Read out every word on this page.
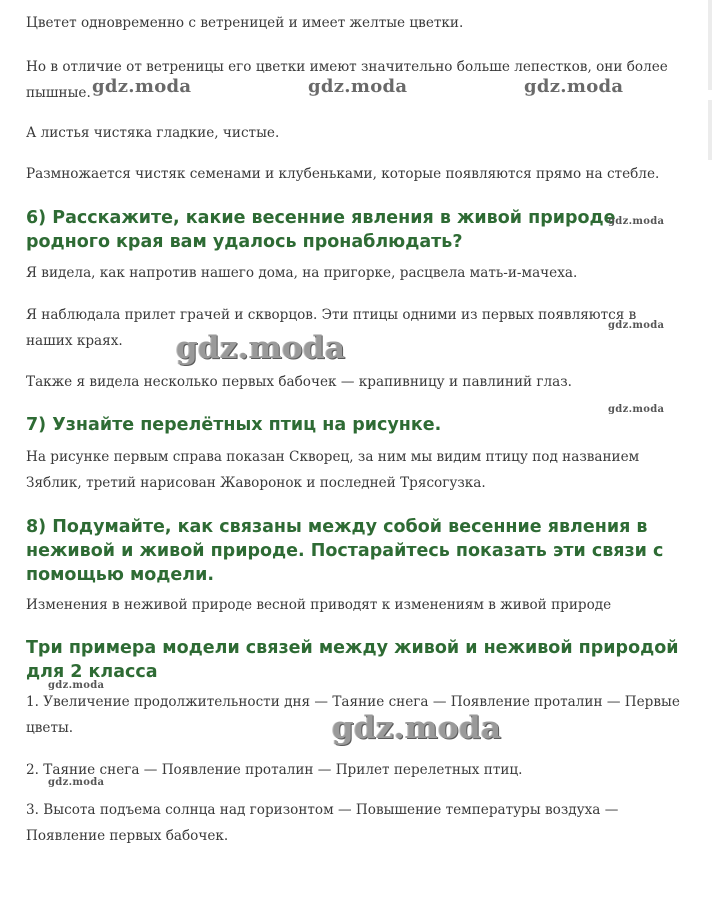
Цветет одновременно с ветреницей и имеет желтые цветки.

Но в отличие от ветреницы его цветки имеют значительно больше лепестков, они более пышные.

А листья чистяка гладкие, чистые.

Размножается чистяк семенами и клубеньками, которые появляются прямо на стебле.

6) Расскажите, какие весенние явления в живой природе родного края вам удалось пронаблюдать?

Я видела, как напротив нашего дома, на пригорке, расцвела мать-и-мачеха.

Я наблюдала прилет грачей и скворцов. Эти птицы одними из первых появляются в наших краях.

Также я видела несколько первых бабочек — крапивницу и павлиний глаз.

7) Узнайте перелётных птиц на рисунке.

На рисунке первым справа показан Скворец, за ним мы видим птицу под названием Зяблик, третий нарисован Жаворонок и последней Трясогузка.

8) Подумайте, как связаны между собой весенние явления в неживой и живой природе. Постарайтесь показать эти связи с помощью модели.

Изменения в неживой природе весной приводят к изменениям в живой природе

Три примера модели связей между живой и неживой природой для 2 класса

1. Увеличение продолжительности дня — Таяние снега — Появление проталин — Первые цветы.

2. Таяние снега — Появление проталин — Прилет перелетных птиц.

3. Высота подъема солнца над горизонтом — Повышение температуры воздуха — Появление первых бабочек.

gdz.moda	gdz.moda	gdz.moda
gdz.moda
gdz.moda
gdz.moda
gdz.moda
gdz.moda
gdz.moda
gdz.moda
